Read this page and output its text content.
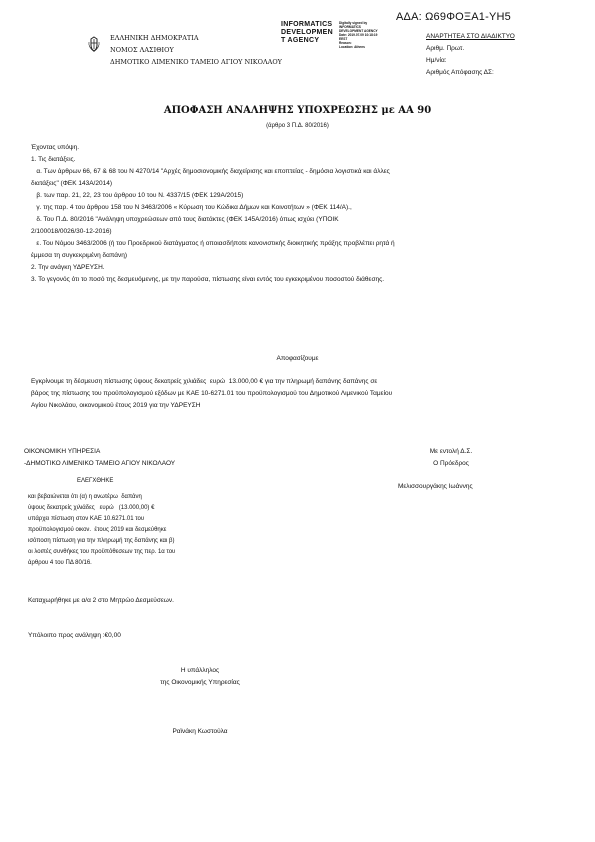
ΑΔΑ: Ω69ΦΟΞΑ1-ΥΗ5
ΕΛΛΗΝΙΚΗ ΔΗΜΟΚΡΑΤΙΑ
ΝΟΜΟΣ ΛΑΣΙΘΙΟΥ
ΔΗΜΟΤΙΚΟ ΛΙΜΕΝΙΚΟ ΤΑΜΕΙΟ ΑΓΙΟΥ ΝΙΚΟΛΑΟΥ
INFORMATICS
DEVELOPMEN
T AGENCY
Digitally signed by
INFORMATICS
DEVELOPMENT AGENCY
Date: 2019.07.09 10:18:19
EEST
Reason:
Location: Athens
ΑΝΑΡΤΗΤΕΑ ΣΤΟ ΔΙΑΔΙΚΤΥΟ
Αριθμ. Πρωτ.
Ημ/νία:
Αριθμός Απόφασης ΔΣ:
ΑΠΟΦΑΣΗ ΑΝΑΛΗΨΗΣ ΥΠΟΧΡΕΩΣΗΣ με ΑΑ 90
(άρθρο 3 Π.Δ. 80/2016)

Έχοντας υπόψη.

1. Τις διατάξεις.

α. Των άρθρων 66, 67 & 68 του Ν 4270/14 "Αρχές δημοσιονομικής διαχείρισης και εποπτείας - δημόσια λογιστικά και άλλες

διατάξεις" (ΦΕΚ 143Α/2014)

β. των παρ. 21, 22, 23 του άρθρου 10 του Ν. 4337/15 (ΦΕΚ 129Α/2015)

γ. της παρ. 4 του άρθρου 158 του Ν 3463/2006 « Κύρωση του Κώδικα Δήμων και Κοινοτήτων » (ΦΕΚ 114/Α).,

δ. Του Π.Δ. 80/2016 "Ανάληψη υποχρεώσεων από τους διατάκτες (ΦΕΚ 145Α/2016) όπως ισχύει (ΥΠΟΙΚ

2/100018/0026/30-12-2016)

ε. Του Νόμου 3463/2006 (ή του Προεδρικού διατάγματος ή οποιασδήποτε κανονιστικής διοικητικής πράξης προβλέπει ρητά ή

έμμεσα τη συγκεκριμένη δαπάνη)

2. Την ανάγκη ΥΔΡΕΥΣΗ.

3. Το γεγονός ότι το ποσό της δεσμευόμενης, με την παρούσα, πίστωσης είναι εντός του εγκεκριμένου ποσοστού διάθεσης.

Αποφασίζουμε
Εγκρίνουμε τη δέσμευση πίστωσης ύψους δεκατρείς χιλιάδες  ευρώ  13.000,00 € για την πληρωμή δαπάνης δαπάνης σε
βάρος της πίστωσης του προϋπολογισμού εξόδων με ΚΑΕ 10-6271.01 του προϋπολογισμού του Δημοτικού Λιμενικού Ταμείου
Αγίου Νικολάου, οικονομικού έτους 2019 για την ΥΔΡΕΥΣΗ
ΟΙΚΟΝΟΜΙΚΗ ΥΠΗΡΕΣΙΑ
-ΔΗΜΟΤΙΚΟ ΛΙΜΕΝΙΚΟ ΤΑΜΕΙΟ ΑΓΙΟΥ ΝΙΚΟΛΑΟΥ
Με εντολή Δ.Σ.
Ο Πρόεδρος
ΕΛΕΓΧΘΗΚΕ
Μελισσουργάκης Ιωάννης
και βεβαιώνεται ότι (α) η ανωτέρω  δαπάνη
ύψους δεκατρείς χιλιάδες   ευρώ   (13.000,00) €
υπάρχει πίστωση στον ΚΑΕ 10.6271.01 του
προϋπολογισμού οικον.  έτους 2019 και δεσμεύθηκε
ισόποση πίστωση για την πληρωμή της δαπάνης και β)
οι λοιπές συνθήκες του προϋπόθεσεων της περ. 1α του
άρθρου 4 του ΠΔ 80/16.
Καταχωρήθηκε με α/α 2 στο Μητρώο Δεσμεύσεων.
Υπόλοιπο προς ανάληψη :€0,00
Η υπάλληλος
της Οικονομικής Υπηρεσίας
Ραϊνάκη Κωστούλα
